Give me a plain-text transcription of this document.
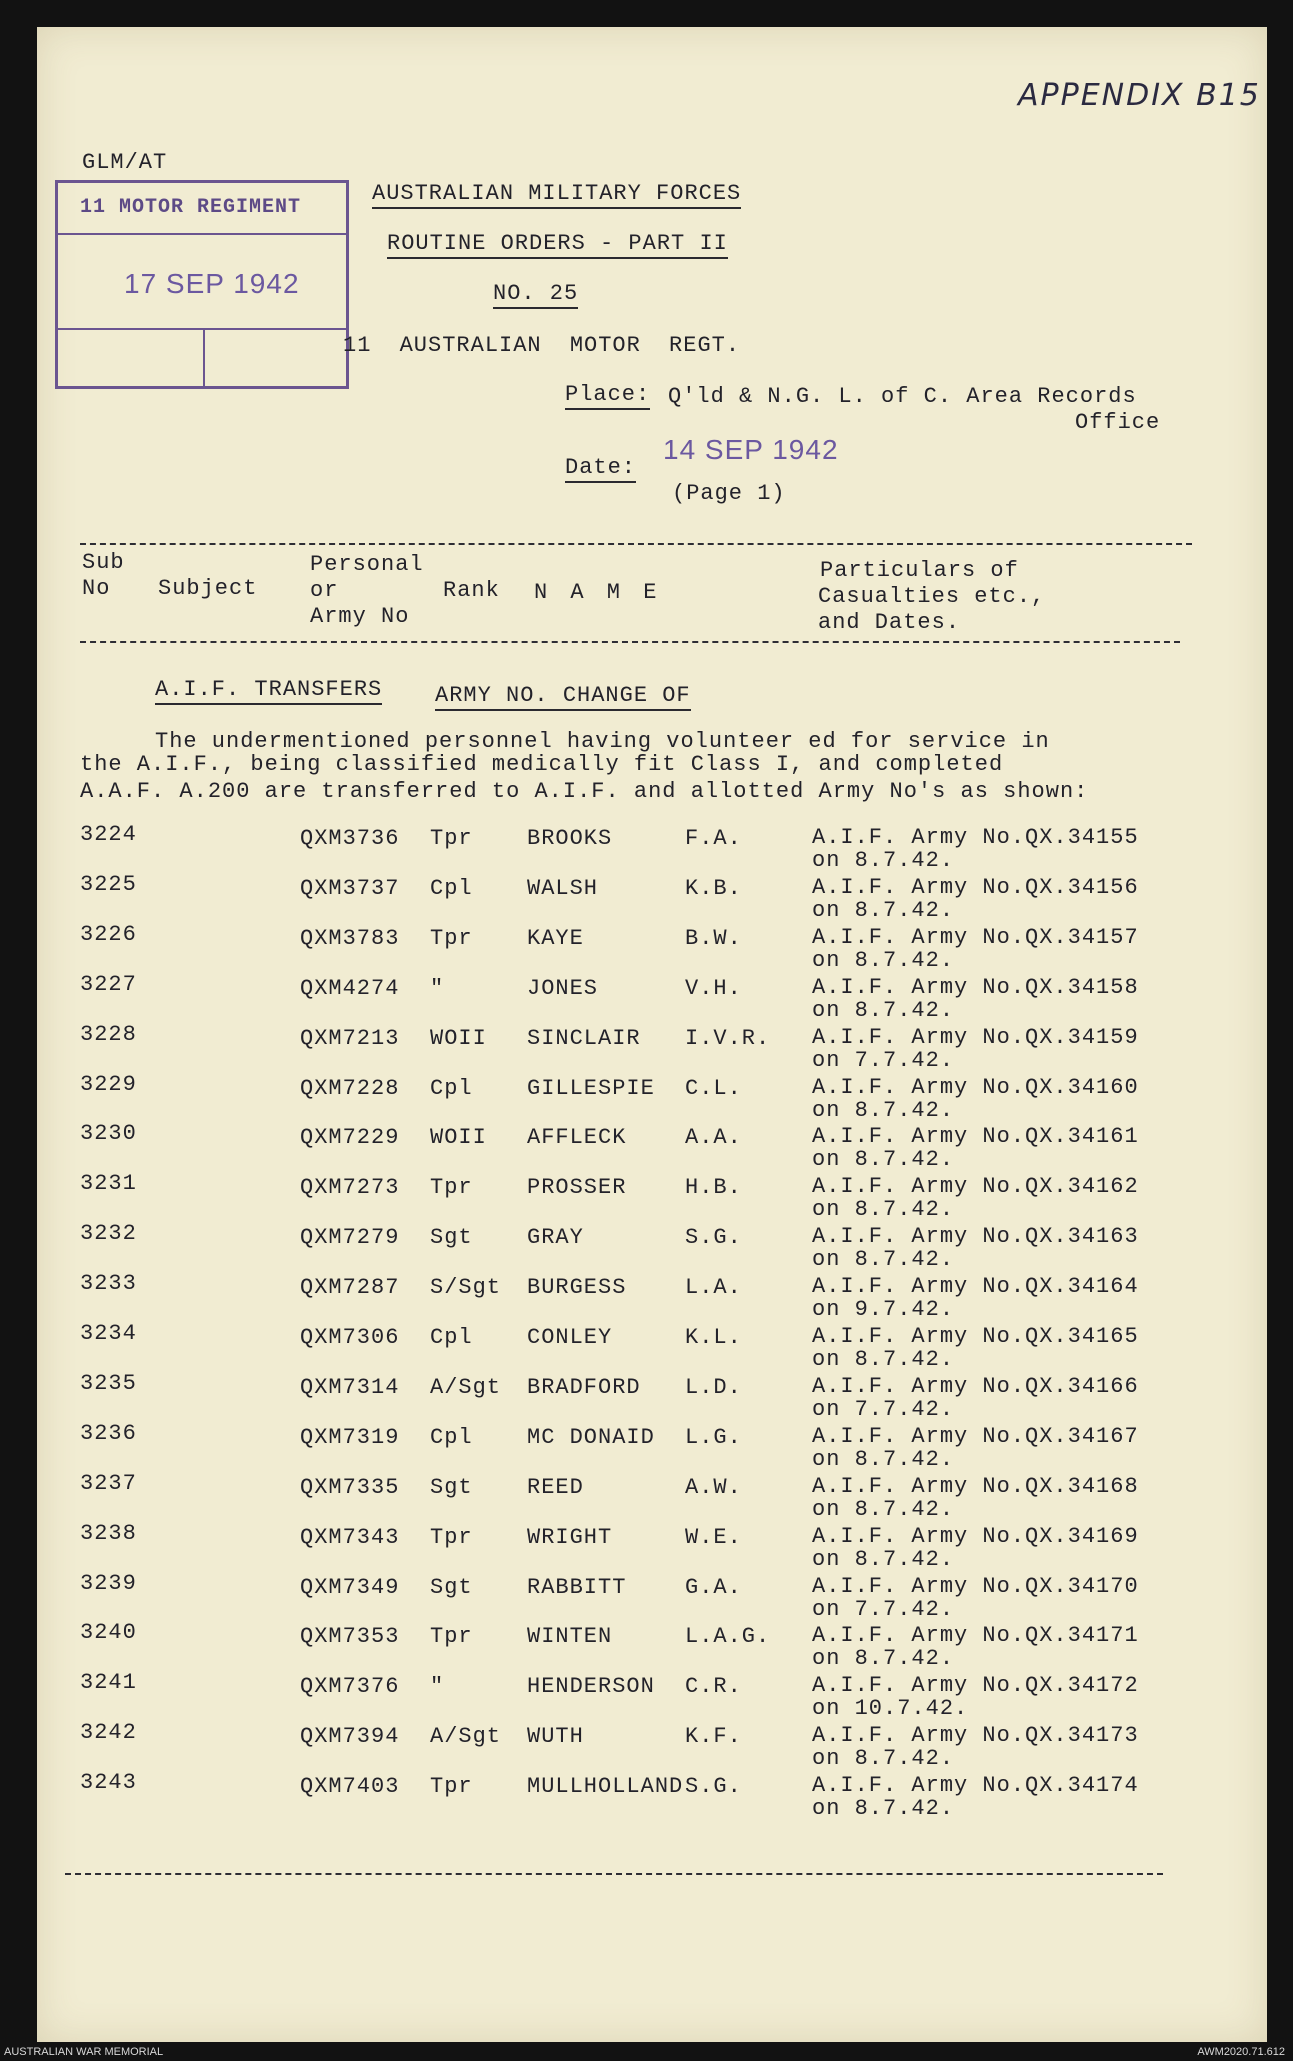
APPENDIX B15
GLM/AT
11 MOTOR REGIMENT
17 SEP 1942
AUSTRALIAN MILITARY FORCES
ROUTINE ORDERS - PART II
NO. 25
11 AUSTRALIAN MOTOR REGT.
Place: Q'ld & N.G. L. of C. Area Records
Office
Date:
14 SEP 1942
(Page 1)
Sub
No Subject
Personal
or
Army No
Rank N A M E
Particulars of
Casualties etc.,
and Dates.
A.I.F. TRANSFERS ARMY NO. CHANGE OF
The undermentioned personnel having volunteer ed for service in
the A.I.F., being classified medically fit Class I, and completed
A.A.F. A.200 are transferred to A.I.F. and allotted Army No's as shown:
3224	QXM3736 Tpr BROOKS	F.A.	A.I.F. Army No.QX.34155
on 8.7.42.
3225	QXM3737 Cpl WALSH	K.B.	A.I.F. Army No.QX.34156
on 8.7.42.
3226	QXM3783 Tpr KAYE	B.W.	A.I.F. Army No.QX.34157
on 8.7.42.
3227	QXM4274 "	JONES	V.H.	A.I.F. Army No.QX.34158
on 8.7.42.
3228	QXM7213 WOII SINCLAIR I.V.R. A.I.F. Army No.QX.34159
on 7.7.42.
3229	QXM7228 Cpl GILLESPIE C.L.	A.I.F. Army No.QX.34160
on 8.7.42.
3230	QXM7229 WOII AFFLECK	A.A.	A.I.F. Army No.QX.34161
on 8.7.42.
3231	QXM7273 Tpr PROSSER	H.B.	A.I.F. Army No.QX.34162
on 8.7.42.
3232	QXM7279 Sgt GRAY	S.G.	A.I.F. Army No.QX.34163
on 8.7.42.
3233	QXM7287 S/Sgt BURGESS	L.A.	A.I.F. Army No.QX.34164
on 9.7.42.
3234	QXM7306 Cpl CONLEY	K.L.	A.I.F. Army No.QX.34165
on 8.7.42.
3235	QXM7314 A/Sgt BRADFORD L.D.	A.I.F. Army No.QX.34166
on 7.7.42.
3236	QXM7319 Cpl MC DONAID L.G.	A.I.F. Army No.QX.34167
on 8.7.42.
3237	QXM7335 Sgt REED	A.W.	A.I.F. Army No.QX.34168
on 8.7.42.
3238	QXM7343 Tpr WRIGHT	W.E.	A.I.F. Army No.QX.34169
on 8.7.42.
3239	QXM7349 Sgt RABBITT	G.A.	A.I.F. Army No.QX.34170
on 7.7.42.
3240	QXM7353 Tpr WINTEN	L.A.G. A.I.F. Army No.QX.34171
on 8.7.42.
3241	QXM7376 "	HENDERSON C.R.	A.I.F. Army No.QX.34172
on 10.7.42.
3242	QXM7394 A/Sgt WUTH	K.F.	A.I.F. Army No.QX.34173
on 8.7.42.
3243	QXM7403 Tpr MULLHOLLAND S.G.	A.I.F. Army No.QX.34174
on 8.7.42.
AUSTRALIAN WAR MEMORIAL	AWM2020.71.612
